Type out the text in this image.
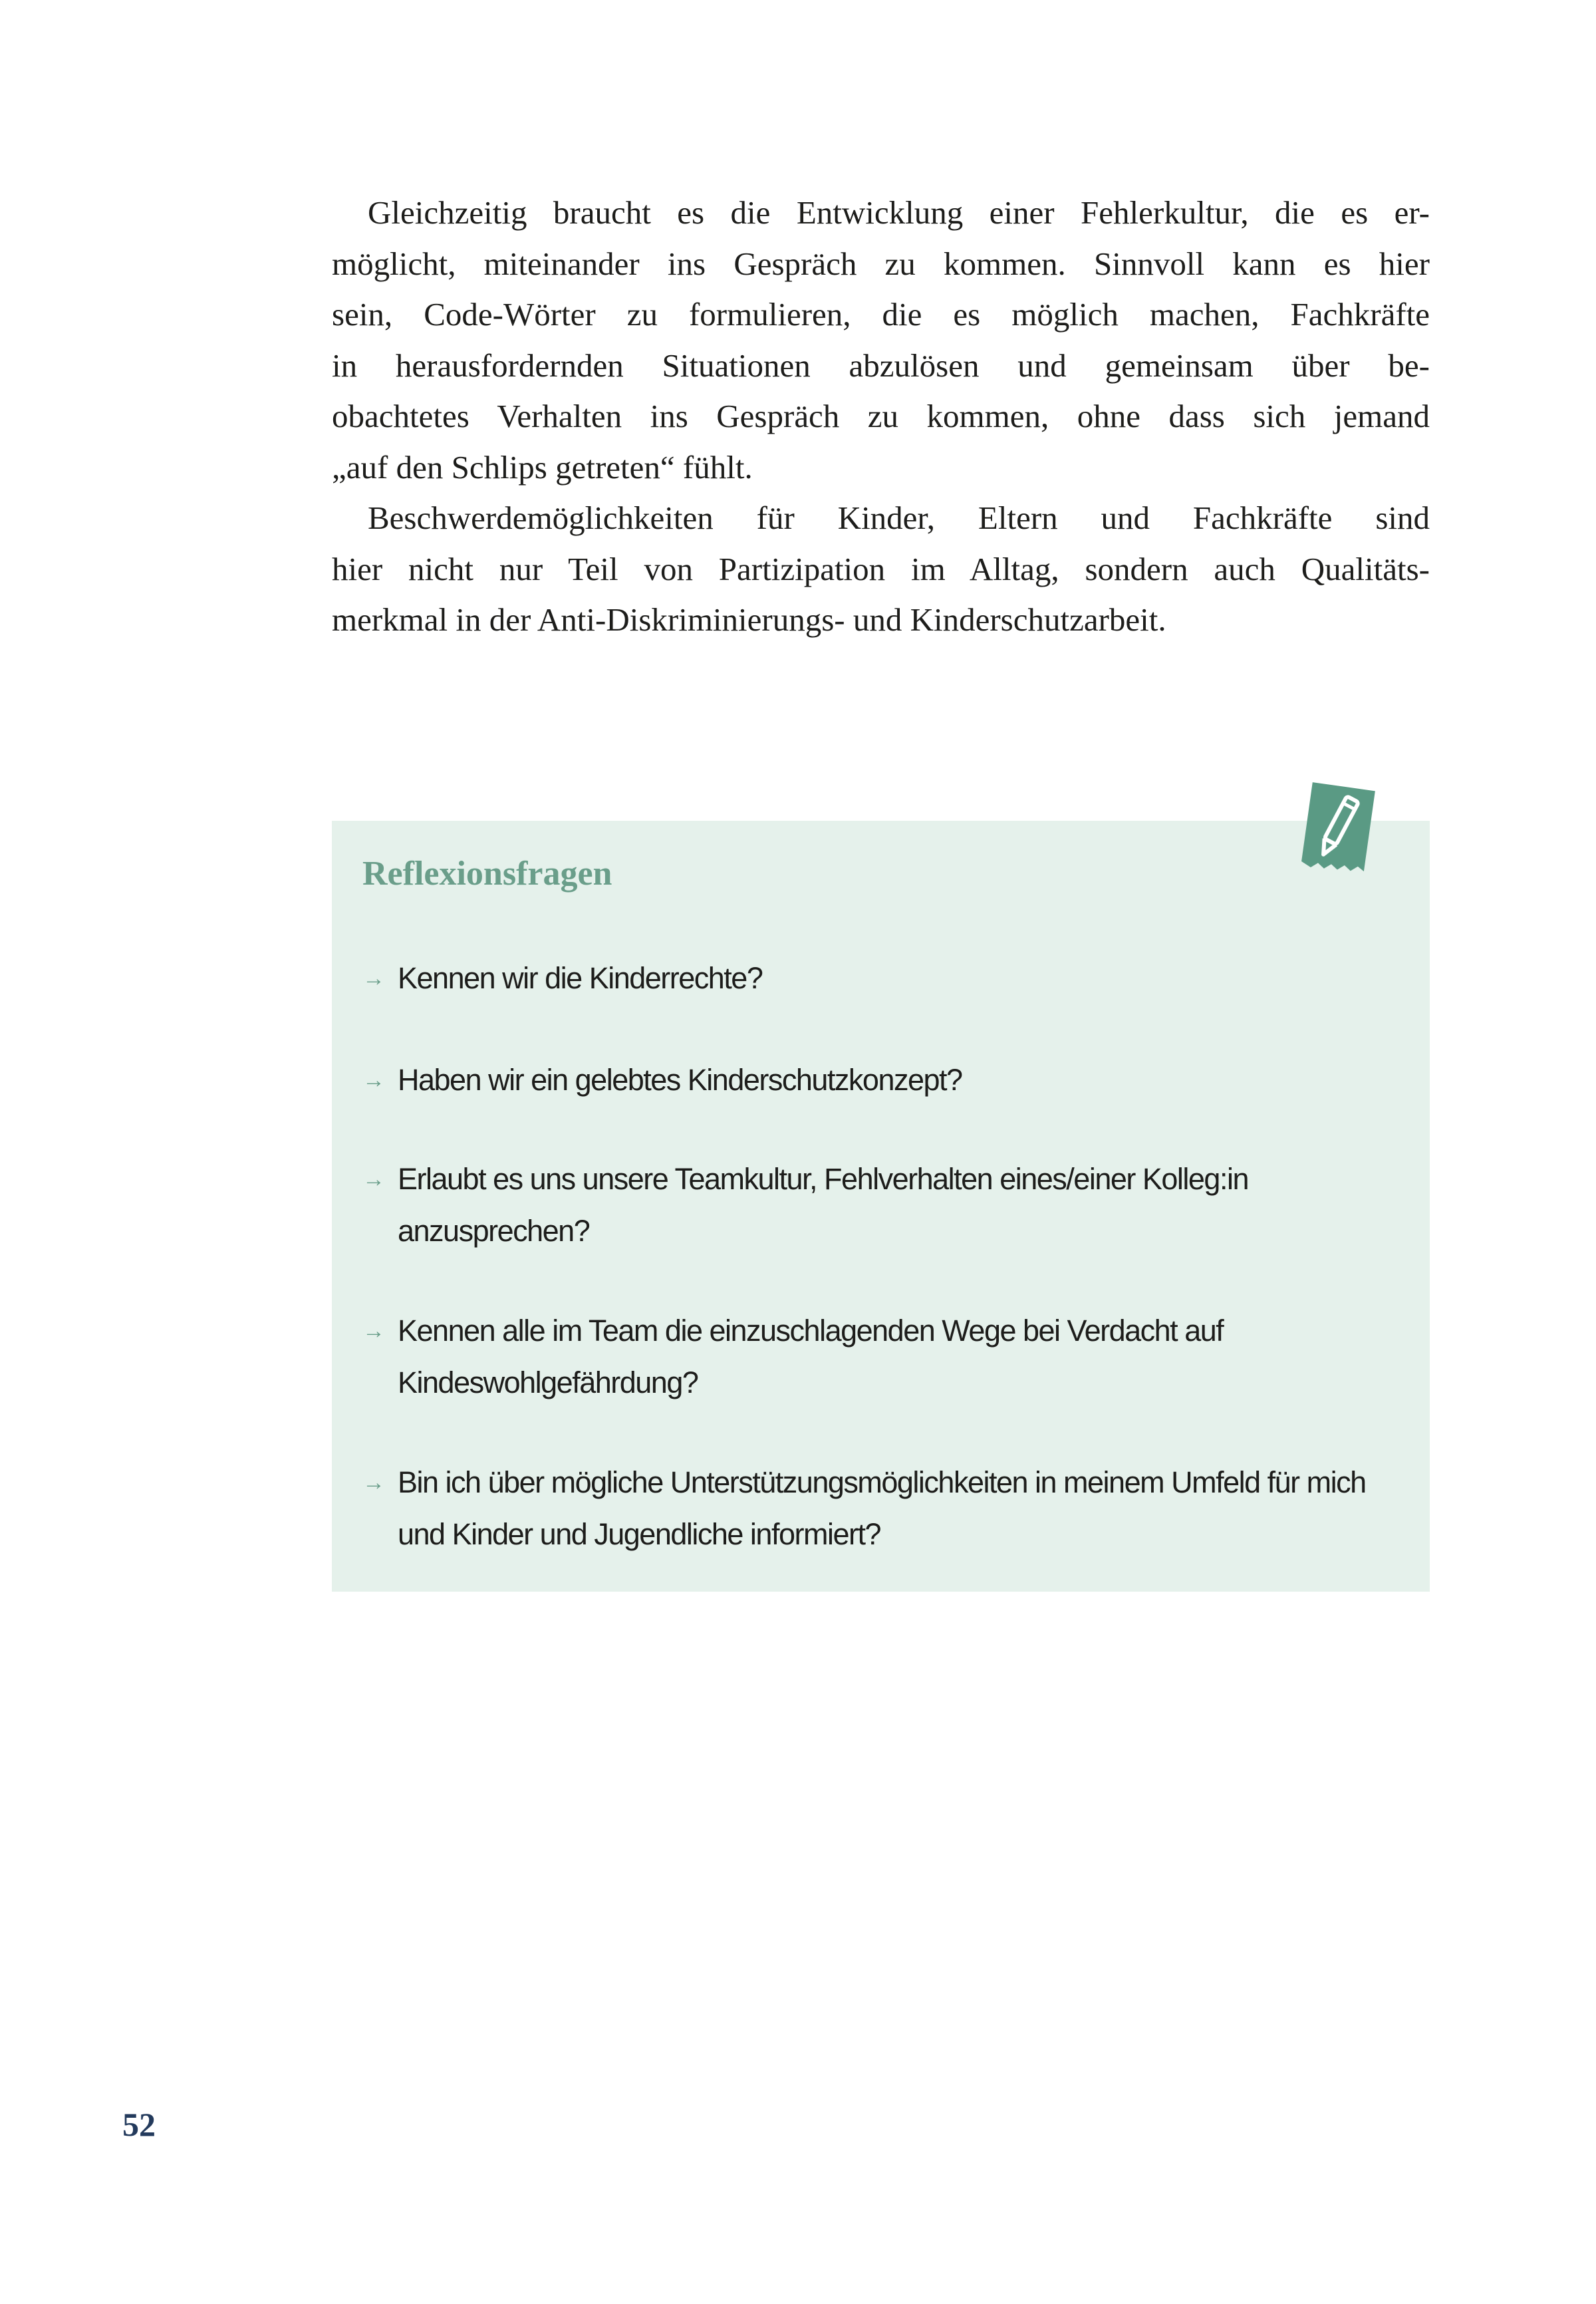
Gleichzeitig braucht es die Entwicklung einer Fehlerkultur, die es er-
möglicht, miteinander ins Gespräch zu kommen. Sinnvoll kann es hier
sein, Code-Wörter zu formulieren, die es möglich machen, Fachkräfte
in herausfordernden Situationen abzulösen und gemeinsam über be-
obachtetes Verhalten ins Gespräch zu kommen, ohne dass sich jemand
„auf den Schlips getreten“ fühlt.
Beschwerdemöglichkeiten für Kinder, Eltern und Fachkräfte sind
hier nicht nur Teil von Partizipation im Alltag, sondern auch Qualitäts-
merkmal in der Anti-Diskriminierungs- und Kinderschutzarbeit.
Reflexionsfragen
→ Kennen wir die Kinderrechte?
→ Haben wir ein gelebtes Kinderschutzkonzept?
→ Erlaubt es uns unsere Teamkultur, Fehlverhalten eines/einer Kolleg:in anzusprechen?
→ Kennen alle im Team die einzuschlagenden Wege bei Verdacht auf Kindeswohlgefährdung?
→ Bin ich über mögliche Unterstützungsmöglichkeiten in meinem Umfeld für mich und Kinder und Jugendliche informiert?
52
